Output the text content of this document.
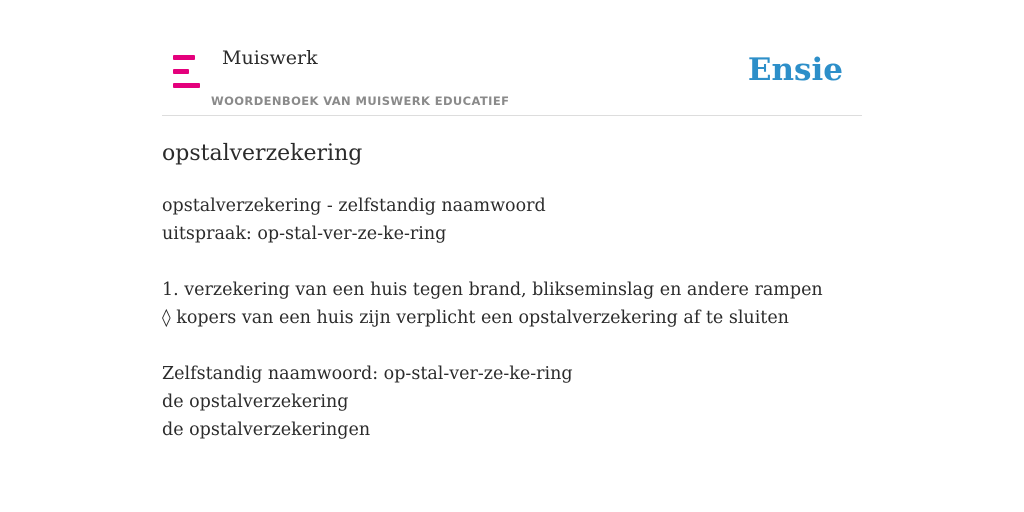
Muiswerk
WOORDENBOEK VAN MUISWERK EDUCATIEF
Ensie
opstalverzekering
opstalverzekering - zelfstandig naamwoord
uitspraak: op-stal-ver-ze-ke-ring
1. verzekering van een huis tegen brand, blikseminslag en andere rampen
◊ kopers van een huis zijn verplicht een opstalverzekering af te sluiten
Zelfstandig naamwoord: op-stal-ver-ze-ke-ring
de opstalverzekering
de opstalverzekeringen
